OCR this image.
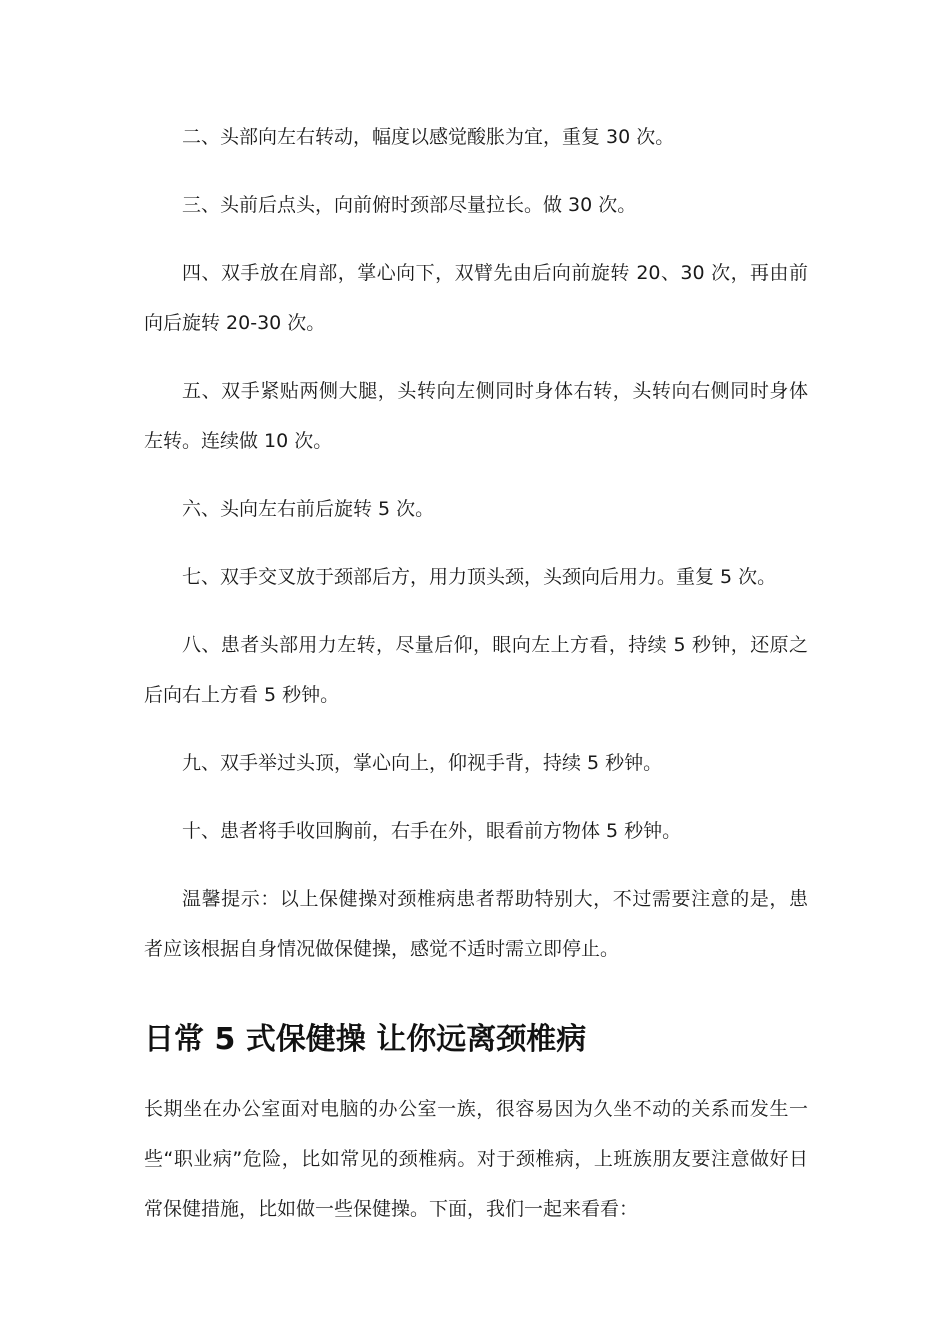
二、头部向左右转动，幅度以感觉酸胀为宜，重复 30 次。

三、头前后点头，向前俯时颈部尽量拉长。做 30 次。

四、双手放在肩部，掌心向下，双臂先由后向前旋转 20、30 次，再由前向后旋转 20-30 次。

五、双手紧贴两侧大腿，头转向左侧同时身体右转，头转向右侧同时身体左转。连续做 10 次。

六、头向左右前后旋转 5 次。

七、双手交叉放于颈部后方，用力顶头颈，头颈向后用力。重复 5 次。

八、患者头部用力左转，尽量后仰，眼向左上方看，持续 5 秒钟，还原之后向右上方看 5 秒钟。

九、双手举过头顶，掌心向上，仰视手背，持续 5 秒钟。

十、患者将手收回胸前，右手在外，眼看前方物体 5 秒钟。

温馨提示：以上保健操对颈椎病患者帮助特别大，不过需要注意的是，患者应该根据自身情况做保健操，感觉不适时需立即停止。

日常 5 式保健操 让你远离颈椎病

长期坐在办公室面对电脑的办公室一族，很容易因为久坐不动的关系而发生一些“职业病”危险，比如常见的颈椎病。对于颈椎病，上班族朋友要注意做好日常保健措施，比如做一些保健操。下面，我们一起来看看：
